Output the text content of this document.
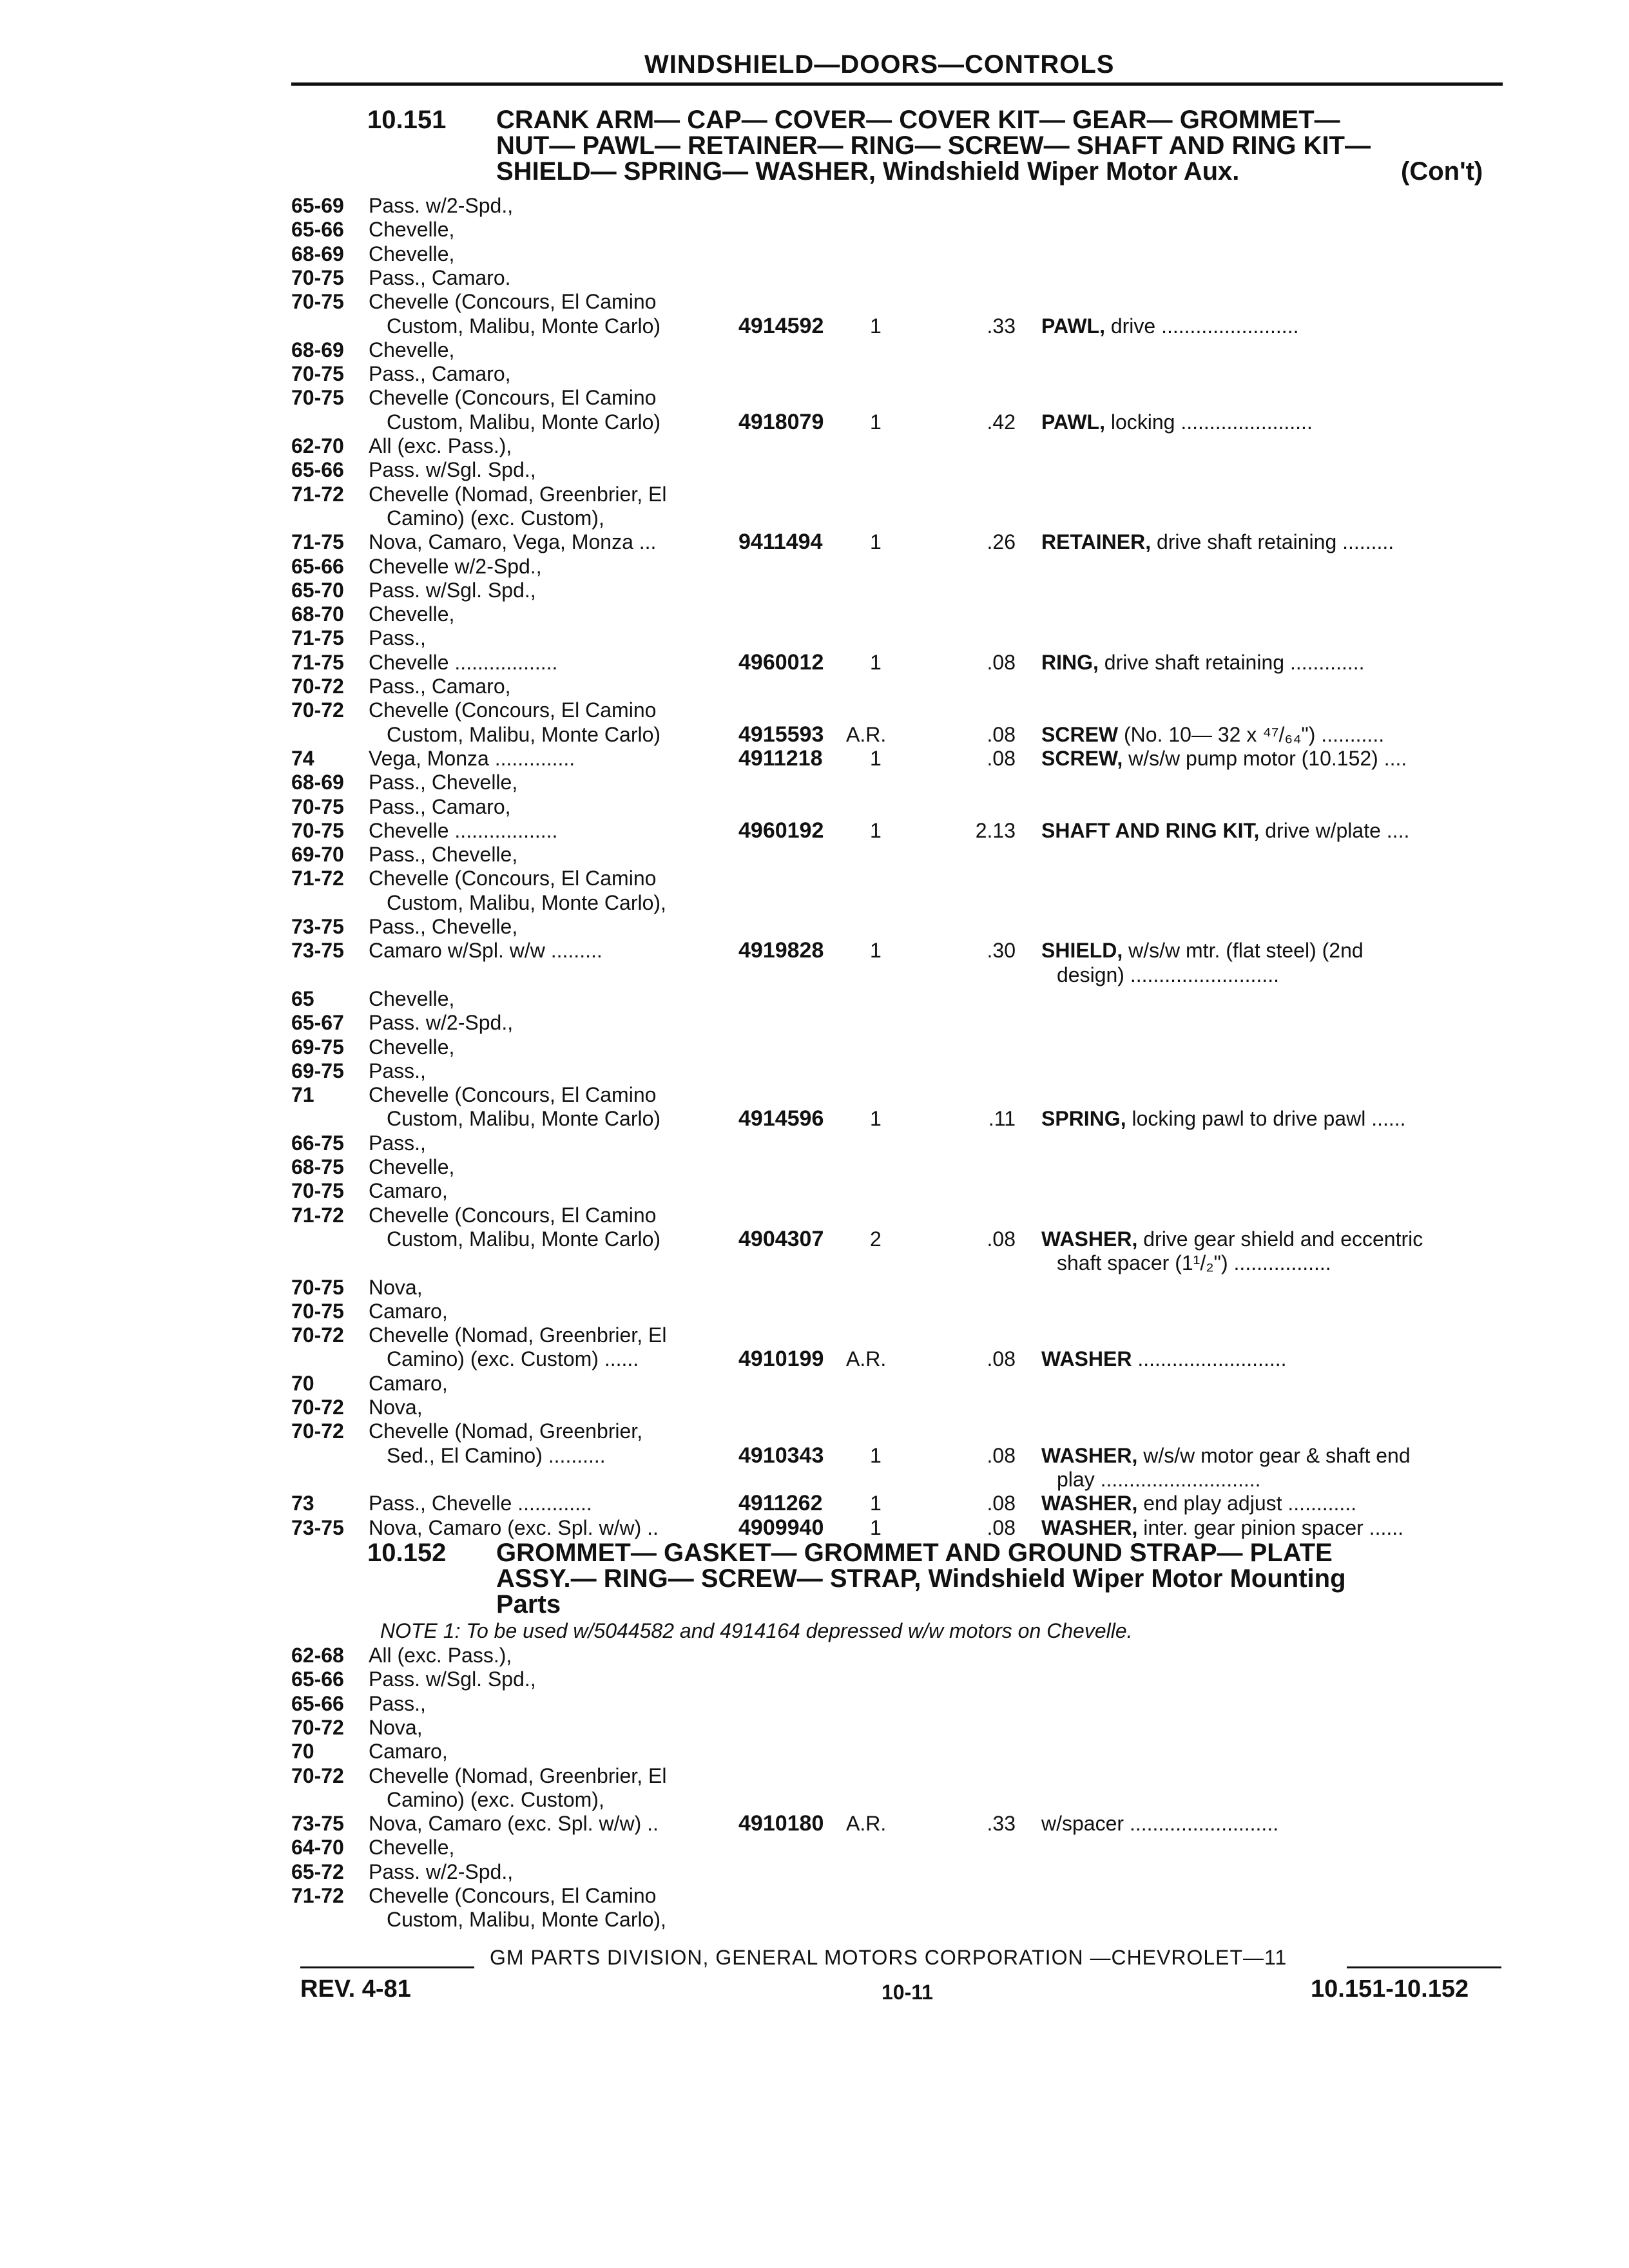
WINDSHIELD—DOORS—CONTROLS
10.151 CRANK ARM— CAP— COVER— COVER KIT— GEAR— GROMMET—
NUT— PAWL— RETAINER— RING— SCREW— SHAFT AND RING KIT—
SHIELD— SPRING— WASHER, Windshield Wiper Motor Aux.	(Con't)
65-69 Pass. w/2-Spd.,
65-66 Chevelle,
68-69 Chevelle,
70-75 Pass., Camaro.
70-75 Chevelle (Concours, El Camino
Custom, Malibu, Monte Carlo)	4914592 1	.33 PAWL, drive ........................
68-69 Chevelle,
70-75 Pass., Camaro,
70-75 Chevelle (Concours, El Camino
Custom, Malibu, Monte Carlo)	4918079 1	.42 PAWL, locking .......................
62-70 All (exc. Pass.),
65-66 Pass. w/Sgl. Spd.,
71-72 Chevelle (Nomad, Greenbrier, El
Camino) (exc. Custom),
71-75 Nova, Camaro, Vega, Monza ...	9411494 1	.26 RETAINER, drive shaft retaining .........
65-66 Chevelle w/2-Spd.,
65-70 Pass. w/Sgl. Spd.,
68-70 Chevelle,
71-75 Pass.,
71-75 Chevelle ..................	4960012 1	.08 RING, drive shaft retaining .............
70-72 Pass., Camaro,
70-72 Chevelle (Concours, El Camino
Custom, Malibu, Monte Carlo)	4915593 A.R.	.08 SCREW (No. 10— 32 x ⁴⁷/₆₄") ...........
74	Vega, Monza ..............	4911218 1	.08 SCREW, w/s/w pump motor (10.152) ....
68-69 Pass., Chevelle,
70-75 Pass., Camaro,
70-75 Chevelle ..................	4960192 1	2.13 SHAFT AND RING KIT, drive w/plate ....
69-70 Pass., Chevelle,
71-72 Chevelle (Concours, El Camino
Custom, Malibu, Monte Carlo),
73-75 Pass., Chevelle,
73-75 Camaro w/Spl. w/w .........	4919828 1	.30 SHIELD, w/s/w mtr. (flat steel) (2nd
design) ..........................
65	Chevelle,
65-67 Pass. w/2-Spd.,
69-75 Chevelle,
69-75 Pass.,
71	Chevelle (Concours, El Camino
Custom, Malibu, Monte Carlo)	4914596 1	.11 SPRING, locking pawl to drive pawl ......
66-75 Pass.,
68-75 Chevelle,
70-75 Camaro,
71-72 Chevelle (Concours, El Camino
Custom, Malibu, Monte Carlo)	4904307 2	.08 WASHER, drive gear shield and eccentric
shaft spacer (1¹/₂") .................
70-75 Nova,
70-75 Camaro,
70-72 Chevelle (Nomad, Greenbrier, El
Camino) (exc. Custom) ......	4910199 A.R.	.08 WASHER ..........................
70	Camaro,
70-72 Nova,
70-72 Chevelle (Nomad, Greenbrier,
Sed., El Camino) ..........	4910343 1	.08 WASHER, w/s/w motor gear & shaft end
play ............................
73	Pass., Chevelle .............	4911262 1	.08 WASHER, end play adjust ............
73-75 Nova, Camaro (exc. Spl. w/w) ..	4909940 1	.08 WASHER, inter. gear pinion spacer ......
10.152 GROMMET— GASKET— GROMMET AND GROUND STRAP— PLATE
ASSY.— RING— SCREW— STRAP, Windshield Wiper Motor Mounting
Parts
NOTE 1: To be used w/5044582 and 4914164 depressed w/w motors on Chevelle.
62-68 All (exc. Pass.),
65-66 Pass. w/Sgl. Spd.,
65-66 Pass.,
70-72 Nova,
70	Camaro,
70-72 Chevelle (Nomad, Greenbrier, El
Camino) (exc. Custom),
73-75 Nova, Camaro (exc. Spl. w/w) ..	4910180 A.R.	.33 w/spacer ..........................
64-70 Chevelle,
65-72 Pass. w/2-Spd.,
71-72 Chevelle (Concours, El Camino
Custom, Malibu, Monte Carlo),
GM PARTS DIVISION, GENERAL MOTORS CORPORATION —CHEVROLET—11
REV. 4-81	10-11	10.151-10.152
